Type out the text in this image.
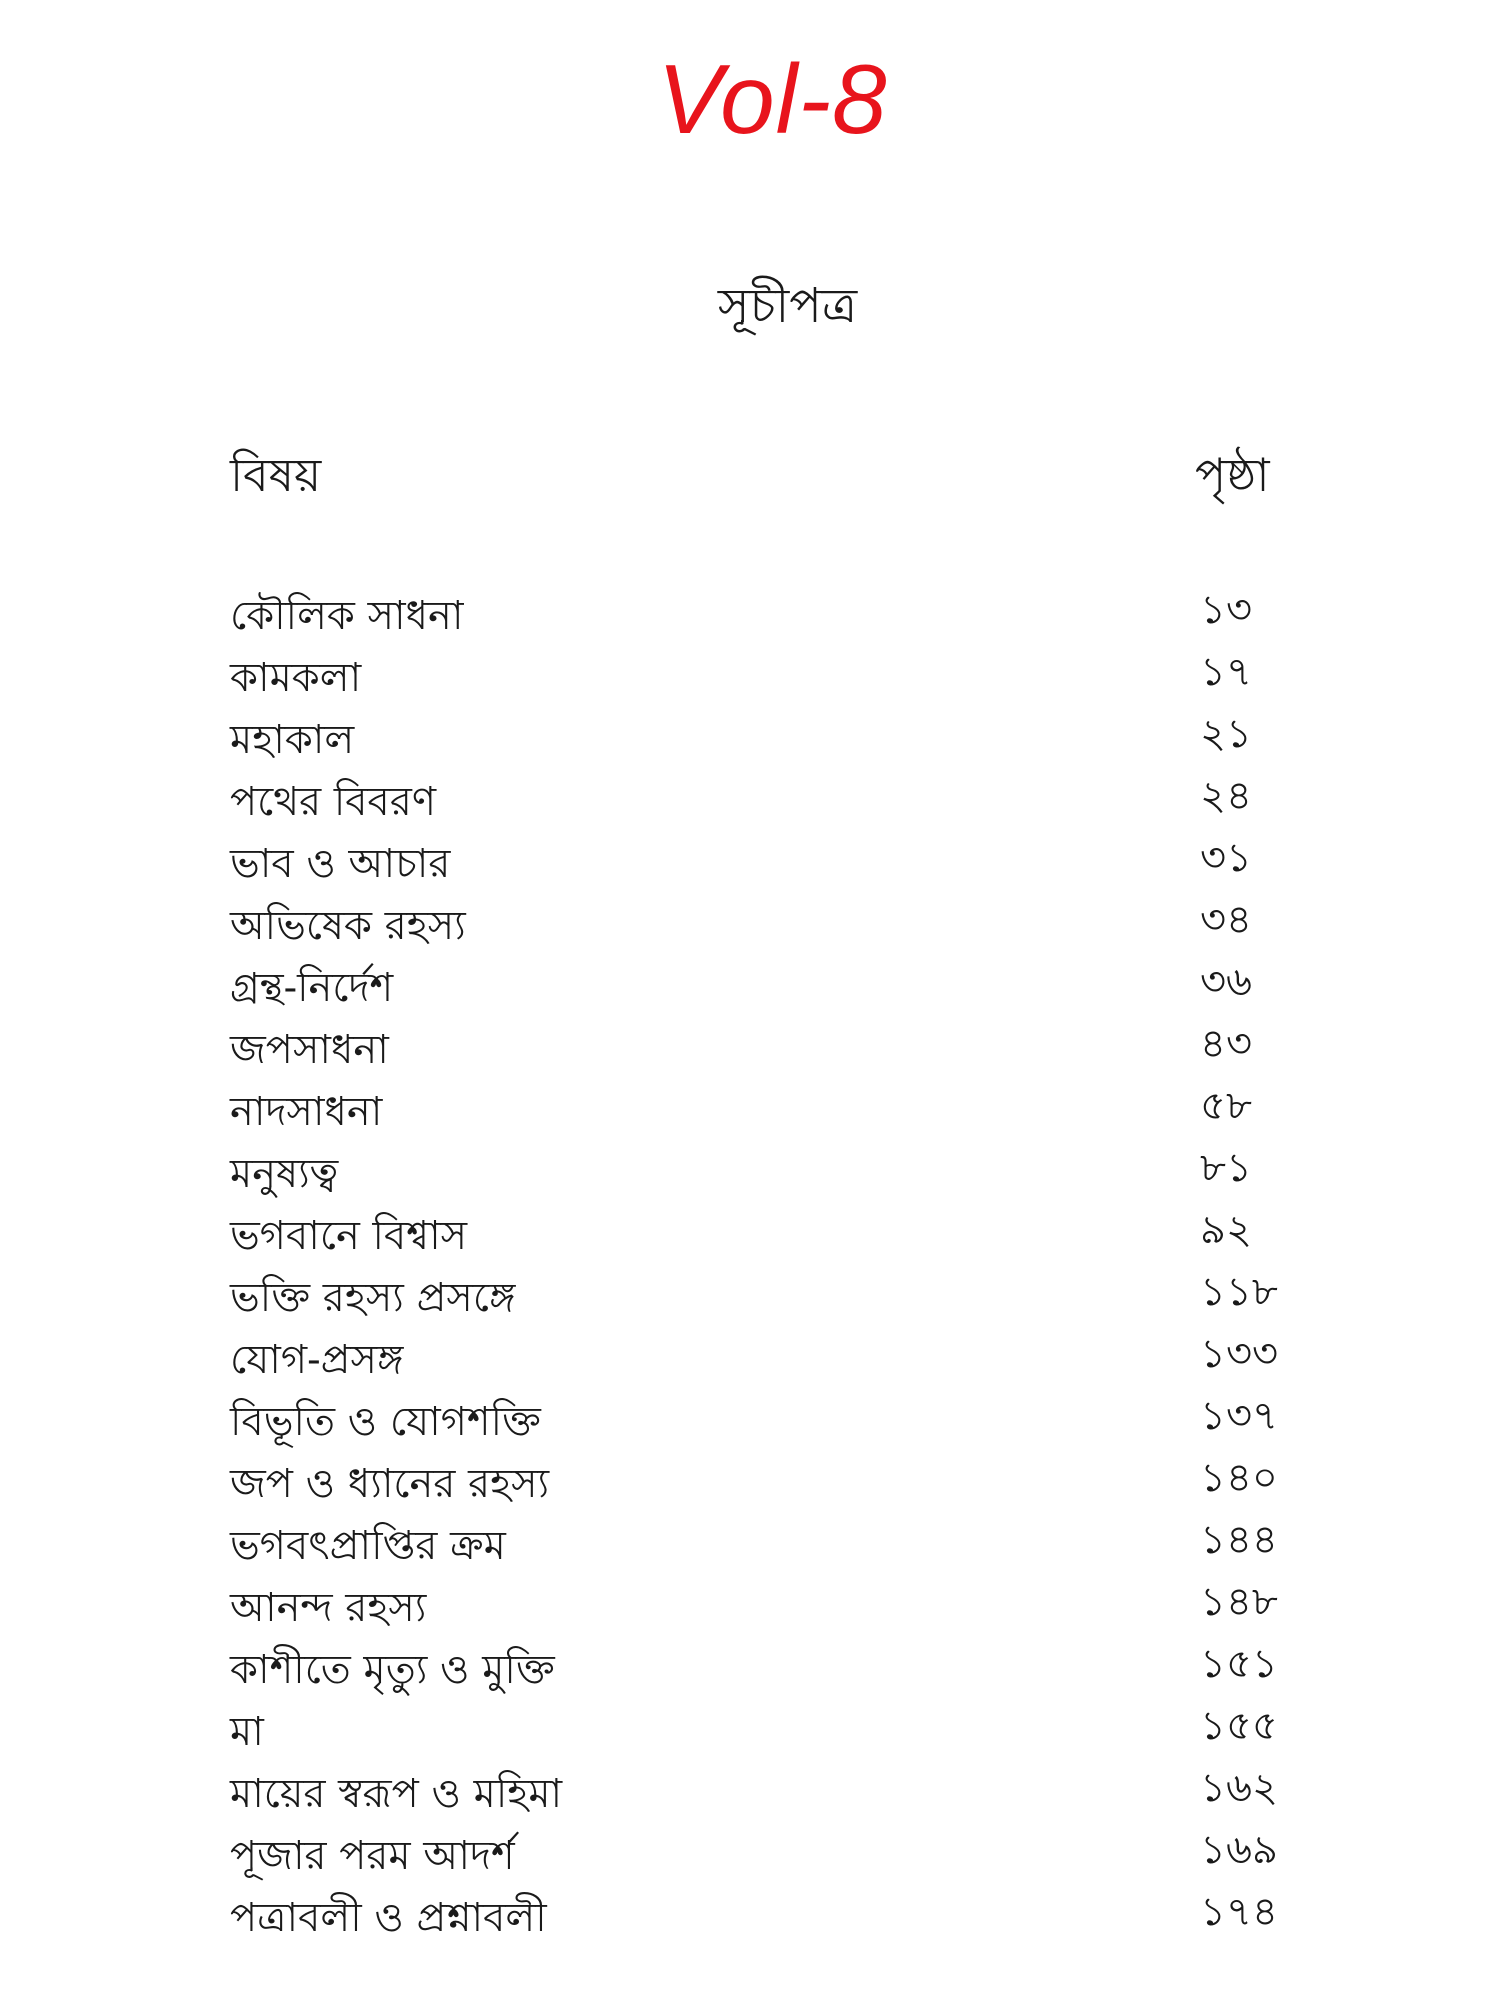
Vol-8
সূচীপত্র
বিষয়	পৃষ্ঠা
কৌলিক সাধনা	১৩
কামকলা	১৭
মহাকাল	২১
পথের বিবরণ	২৪
ভাব ও আচার	৩১
অভিষেক রহস্য	৩৪
গ্রন্থ-নির্দেশ	৩৬
জপসাধনা	৪৩
নাদসাধনা	৫৮
মনুষ্যত্ব	৮১
ভগবানে বিশ্বাস	৯২
ভক্তি রহস্য প্রসঙ্গে	১১৮
যোগ-প্রসঙ্গ	১৩৩
বিভূতি ও যোগশক্তি	১৩৭
জপ ও ধ্যানের রহস্য	১৪০
ভগবৎপ্রাপ্তির ক্রম	১৪৪
আনন্দ রহস্য	১৪৮
কাশীতে মৃত্যু ও মুক্তি	১৫১
মা	১৫৫
মায়ের স্বরূপ ও মহিমা	১৬২
পূজার পরম আদর্শ	১৬৯
পত্রাবলী ও প্রশ্নাবলী	১৭৪
